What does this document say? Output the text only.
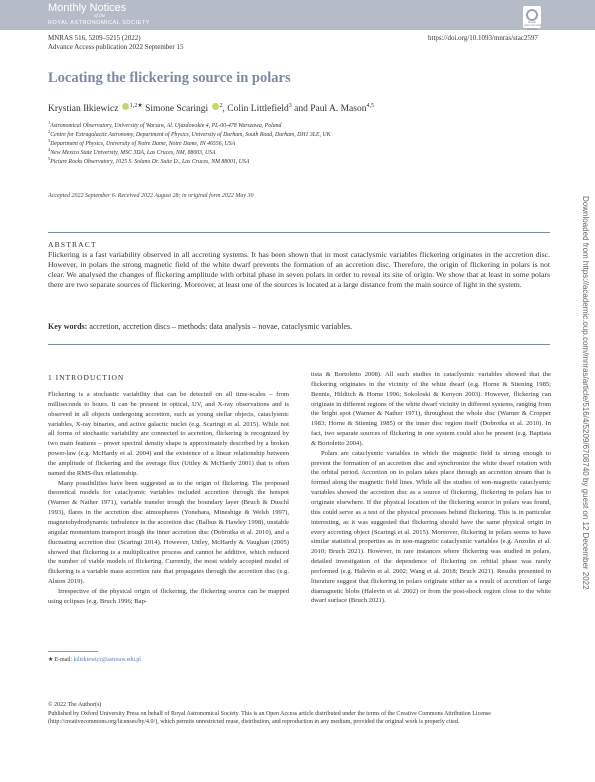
Monthly Notices
of the
ROYAL ASTRONOMICAL SOCIETY	Royal Astronomical Society
MNRAS 516, 5209–5215 (2022)
Advance Access publication 2022 September 15
https://doi.org/10.1093/mnras/stac2597
Locating the flickering source in polars
Krystian Iłkiewicz $^{1,2★}$ Simone Scaringi $^2$, Colin Littlefield$^3$ and Paul A. Mason$^{4,5}$
$^1$Astronomical Observatory, University of Warsaw, Al. Ujazdowskie 4, PL-00-478 Warszawa, Poland
$^2$Centre for Extragalactic Astronomy, Department of Physics, University of Durham, South Road, Durham, DH1 3LE, UK
$^3$Department of Physics, University of Notre Dame, Notre Dame, IN 46556, USA
$^4$New Mexico State University, MSC 3DA, Las Cruces, NM, 88003, USA
$^5$Picture Rocks Observatory, 1025 S. Solano Dr. Suite D., Las Cruces, NM 88001, USA
Accepted 2022 September 6. Received 2022 August 28; in original form 2022 May 30
ABSTRACT
Flickering is a fast variability observed in all accreting systems. It has been shown that in most cataclysmic variables flickering originates in the accretion disc. However, in polars the strong magnetic field of the white dwarf prevents the formation of an accretion disc. Therefore, the origin of flickering in polars is not clear. We analysed the changes of flickering amplitude with orbital phase in seven polars in order to reveal its site of origin. We show that at least in some polars there are two separate sources of flickering. Moreover, at least one of the sources is located at a large distance from the main source of light in the system.
Key words: accretion, accretion discs – methods: data analysis – novae, cataclysmic variables.
1 INTRODUCTION

Flickering is a stochastic variability that can be detected on all time-scales – from milliseconds to hours. It can be present in optical, UV, and X-ray observations and is observed in all objects undergoing accretion, such as young stellar objects, cataclysmic variables, X-ray binaries, and active galactic nuclei (e.g. Scaringi et al. 2015). While not all forms of stochastic variability are connected to accretion, flickering is recognized by two main features – power spectral density shape is approximately described by a broken power-law (e.g. McHardy et al. 2004) and the existence of a linear relationship between the amplitude of flickering and the average flux (Uttley & McHardy 2001) that is often named the RMS-flux relationship.

Many possibilities have been suggested as to the origin of flickering. The proposed theoretical models for cataclysmic variables included accretion through the hotspot (Warner & Nather 1971), variable transfer trough the boundary layer (Bruch & Duschl 1993), flares in the accretion disc atmospheres (Yonehara, Mineshige & Welsh 1997), magnetohydrodynamic turbulence in the accretion disc (Balbus & Hawley 1998), unstable angular momentum transport trough the inner accretion disc (Dobrotka et al. 2010), and a fluctuating accretion disc (Scaringi 2014). However, Uttley, McHardy & Vaughan (2005) showed that flickering is a multiplicative process and cannot be additive, which reduced the number of viable models of flickering. Currently, the most widely accepted model of flickering is a variable mass accretion rate that propagates through the accretion disc (e.g. Alston 2019).

Irrespective of the physical origin of flickering, the flickering source can be mapped using eclipses (e.g. Bruch 1996; Bap-

tista & Bortoletto 2008). All such studies in cataclysmic variables showed that the flickering originates in the vicinity of the white dwarf (e.g. Horne & Stiening 1985; Bennie, Hilditch & Horne 1996; Sokoloski & Kenyon 2003). However, flickering can originate in different regions of the white dwarf vicinity in different systems, ranging from the bright spot (Warner & Nather 1971), throughout the whole disc (Warner & Cropper 1983; Horne & Stiening 1985) or the inner disc region itself (Dobrotka et al. 2010). In fact, two separate sources of flickering in one system could also be present (e.g. Baptista & Bortoletto 2004).

Polars are cataclysmic variables in which the magnetic field is strong enough to prevent the formation of an accretion disc and synchronize the white dwarf rotation with the orbital period. Accretion on to polars takes place through an accretion stream that is formed along the magnetic field lines. While all the studies of non-magnetic cataclysmic variables showed the accretion disc as a source of flickering, flickering in polars has to originate elsewhere. If the physical location of the flickering source in polars was found, this could serve as a test of the physical processes behind flickering. This is in particular interesting, as it was suggested that flickering should have the same physical origin in every accreting object (Scaringi et al. 2015). Moreover, flickering in polars seems to have similar statistical properties as in non-magnetic cataclysmic variables (e.g. Anzolin et al. 2010; Bruch 2021). However, in rare instances where flickering was studied in polars, detailed investigation of the dependence of flickering on orbital phase was rarely performed (e.g. Halevin et al. 2002; Wang et al. 2018; Bruch 2021). Results presented in literature suggest that flickering in polars originate either as a result of accretion of large diamagnetic blobs (Halevin et al. 2002) or from the post-shock region close to the white dwarf surface (Bruch 2021).

★ E-mail: kiliekiewicz@astrouw.edu.pl
© 2022 The Author(s)
Published by Oxford University Press on behalf of Royal Astronomical Society. This is an Open Access article distributed under the terms of the Creative Commons Attribution License (http://creativecommons.org/licenses/by/4.0/), which permits unrestricted reuse, distribution, and reproduction in any medium, provided the original work is properly cited.
Downloaded from https://academic.oup.com/mnras/article/516/4/5209/6708740 by guest on 12 December 2022
